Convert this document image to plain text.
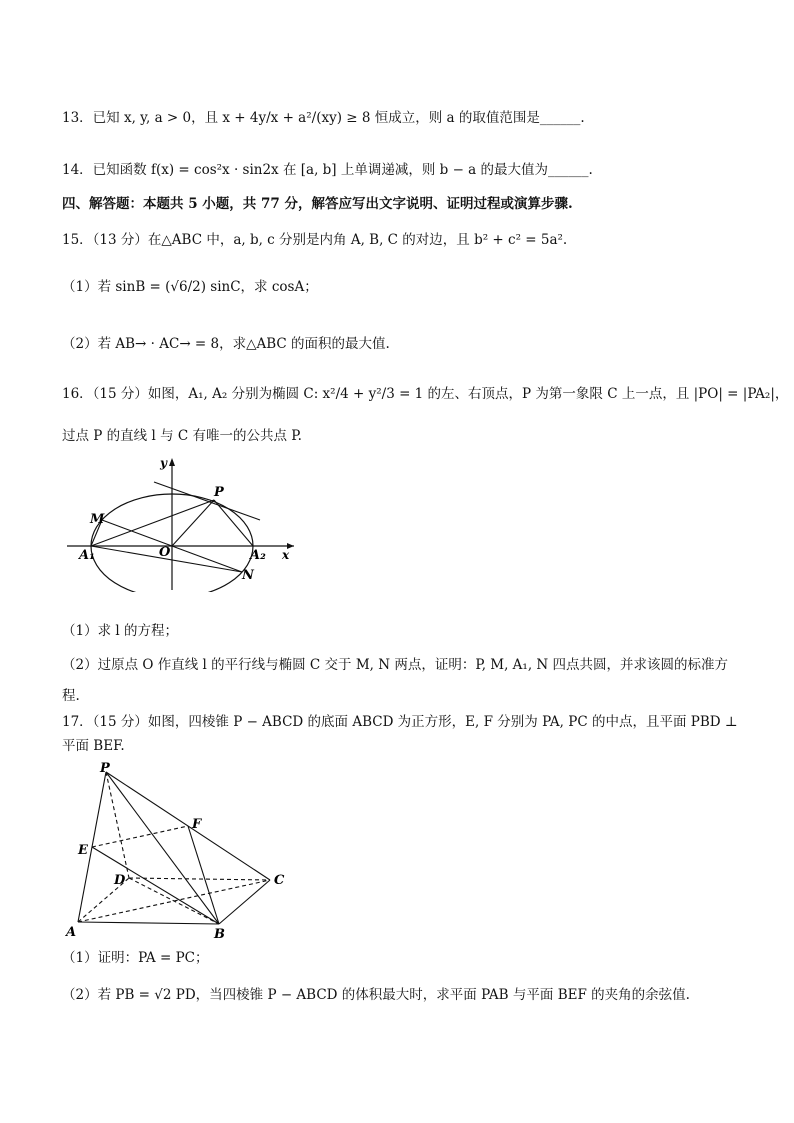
13．已知 x, y, a > 0，且 x + 4y/x + a²/(xy) ≥ 8 恒成立，则 a 的取值范围是______.
14．已知函数 f(x) = cos²x · sin2x 在 [a, b] 上单调递减，则 b − a 的最大值为______.
四、解答题：本题共 5 小题，共 77 分，解答应写出文字说明、证明过程或演算步骤.
15．（13 分）在△ABC 中，a, b, c 分别是内角 A, B, C 的对边，且 b² + c² = 5a².
（1）若 sinB = (√6/2) sinC，求 cosA；
（2）若 AB→ · AC→ = 8，求△ABC 的面积的最大值.
16．（15 分）如图，A₁, A₂ 分别为椭圆 C: x²/4 + y²/3 = 1 的左、右顶点，P 为第一象限 C 上一点，且 |PO| = |PA₂|，
过点 P 的直线 l 与 C 有唯一的公共点 P.
y
x
P
M
O
A₁	A₂
N
（1）求 l 的方程；
（2）过原点 O 作直线 l 的平行线与椭圆 C 交于 M, N 两点，证明：P, M, A₁, N 四点共圆，并求该圆的标准方
程.
17．（15 分）如图，四棱锥 P − ABCD 的底面 ABCD 为正方形，E, F 分别为 PA, PC 的中点，且平面 PBD ⊥
平面 BEF.
P
E
F
D	C
A	B
（1）证明：PA = PC；
（2）若 PB = √2 PD，当四棱锥 P − ABCD 的体积最大时，求平面 PAB 与平面 BEF 的夹角的余弦值.
